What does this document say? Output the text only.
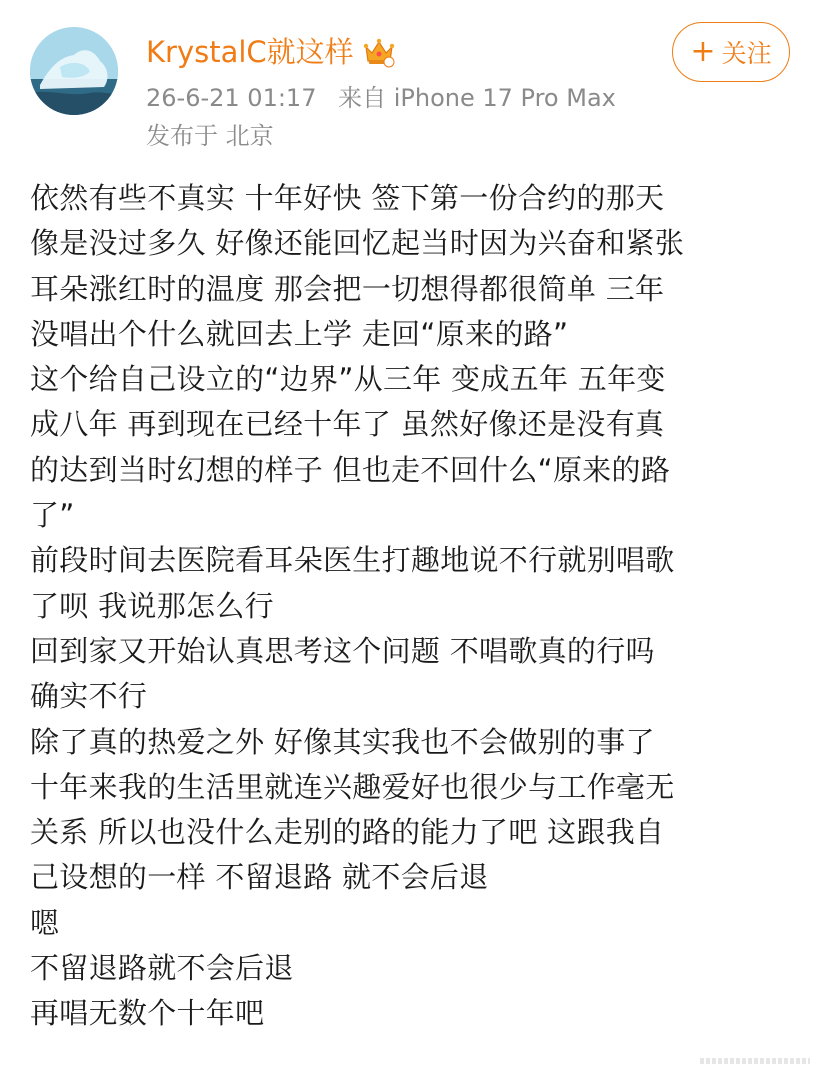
KrystalC就这样
26-6-21 01:17 来自 iPhone 17 Pro Max
发布于 北京
+ 关注
依然有些不真实 十年好快 签下第一份合约的那天
像是没过多久 好像还能回忆起当时因为兴奋和紧张
耳朵涨红时的温度 那会把一切想得都很简单 三年
没唱出个什么就回去上学 走回“原来的路”
这个给自己设立的“边界”从三年 变成五年 五年变
成八年 再到现在已经十年了 虽然好像还是没有真
的达到当时幻想的样子 但也走不回什么“原来的路
了”
前段时间去医院看耳朵医生打趣地说不行就别唱歌
了呗 我说那怎么行
回到家又开始认真思考这个问题 不唱歌真的行吗
确实不行
除了真的热爱之外 好像其实我也不会做别的事了
十年来我的生活里就连兴趣爱好也很少与工作毫无
关系 所以也没什么走别的路的能力了吧 这跟我自
己设想的一样 不留退路 就不会后退
嗯
不留退路就不会后退
再唱无数个十年吧
